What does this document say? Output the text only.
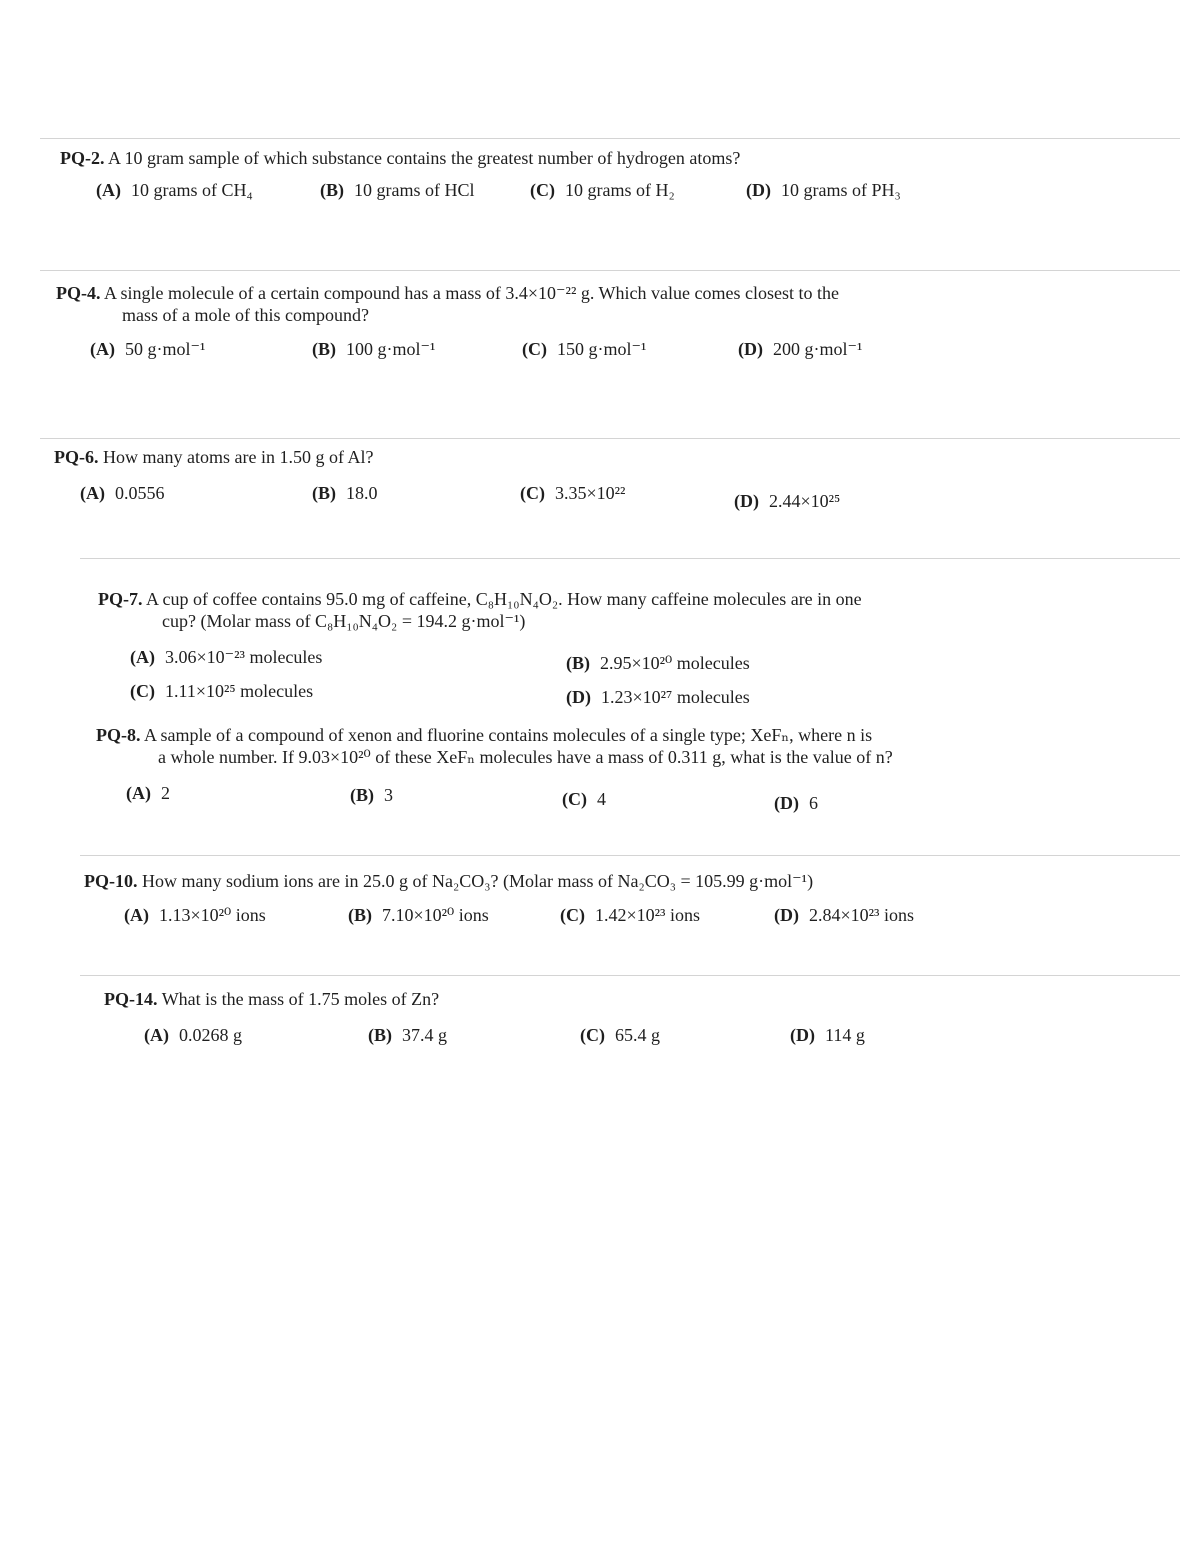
PQ-2. A 10 gram sample of which substance contains the greatest number of hydrogen atoms?
(A) 10 grams of CH₄	(B) 10 grams of HCl	(C) 10 grams of H₂	(D) 10 grams of PH₃
PQ-4. A single molecule of a certain compound has a mass of 3.4×10⁻²² g. Which value comes closest to the
mass of a mole of this compound?
(A) 50 g·mol⁻¹	(B) 100 g·mol⁻¹	(C) 150 g·mol⁻¹	(D) 200 g·mol⁻¹
PQ-6. How many atoms are in 1.50 g of Al?
(A) 0.0556	(B) 18.0	(C) 3.35×10²²	(D) 2.44×10²⁵
PQ-7. A cup of coffee contains 95.0 mg of caffeine, C₈H₁₀N₄O₂. How many caffeine molecules are in one
cup? (Molar mass of C₈H₁₀N₄O₂ = 194.2 g·mol⁻¹)
(A) 3.06×10⁻²³ molecules	(B) 2.95×10²⁰ molecules
(C) 1.11×10²⁵ molecules	(D) 1.23×10²⁷ molecules
PQ-8. A sample of a compound of xenon and fluorine contains molecules of a single type; XeFₙ, where n is
a whole number. If 9.03×10²⁰ of these XeFₙ molecules have a mass of 0.311 g, what is the value of n?
(A) 2	(B) 3	(C) 4	(D) 6
PQ-10. How many sodium ions are in 25.0 g of Na₂CO₃? (Molar mass of Na₂CO₃ = 105.99 g·mol⁻¹)
(A) 1.13×10²⁰ ions	(B) 7.10×10²⁰ ions	(C) 1.42×10²³ ions	(D) 2.84×10²³ ions
PQ-14. What is the mass of 1.75 moles of Zn?
(A) 0.0268 g	(B) 37.4 g	(C) 65.4 g	(D) 114 g
